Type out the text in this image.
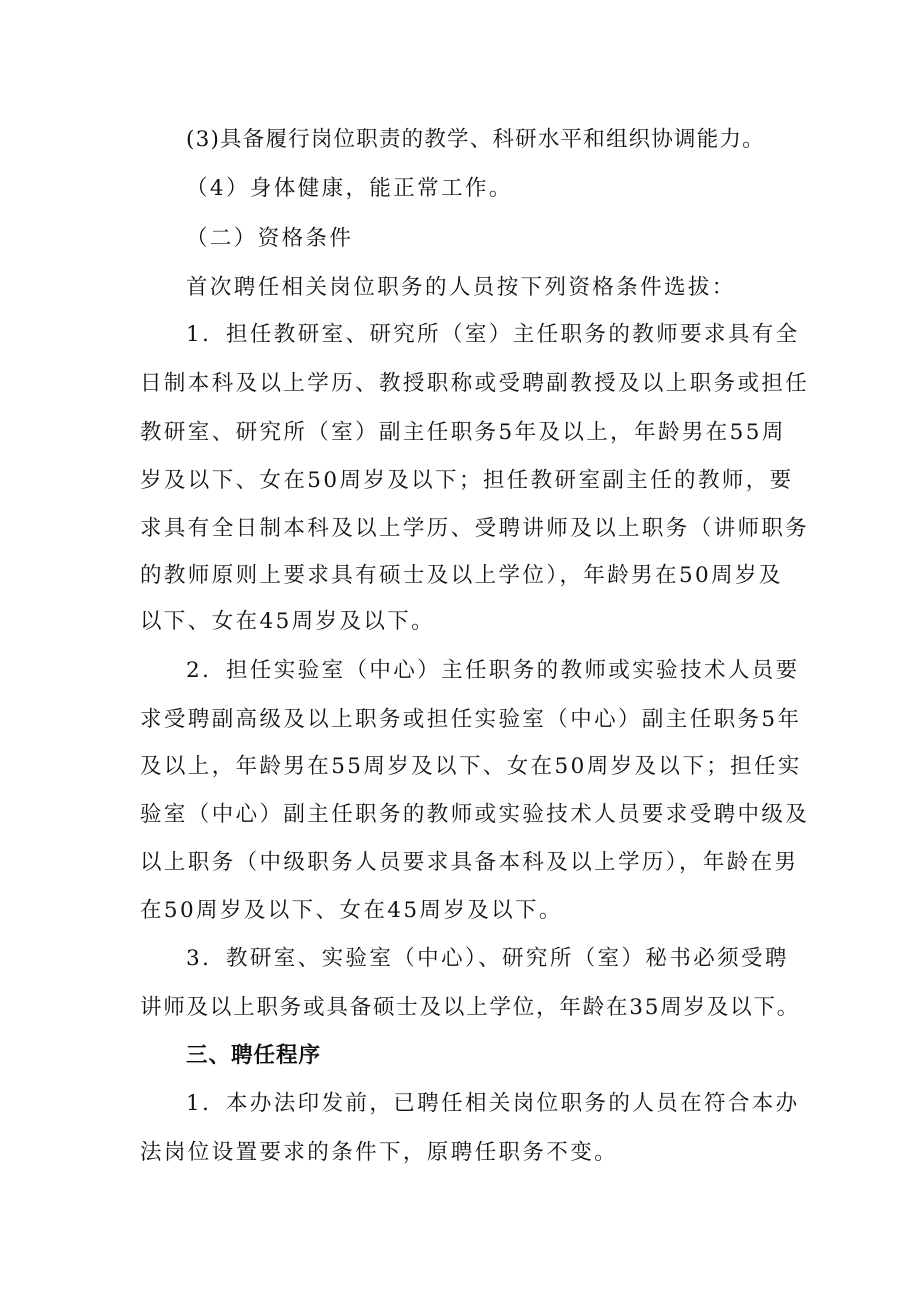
(3)具备履行岗位职责的教学、科研水平和组织协调能力。
（4）身体健康，能正常工作。
（二）资格条件
首次聘任相关岗位职务的人员按下列资格条件选拔：
1．担任教研室、研究所（室）主任职务的教师要求具有全
日制本科及以上学历、教授职称或受聘副教授及以上职务或担任
教研室、研究所（室）副主任职务5年及以上，年龄男在55周
岁及以下、女在50周岁及以下；担任教研室副主任的教师，要
求具有全日制本科及以上学历、受聘讲师及以上职务（讲师职务
的教师原则上要求具有硕士及以上学位），年龄男在50周岁及
以下、女在45周岁及以下。
2．担任实验室（中心）主任职务的教师或实验技术人员要
求受聘副高级及以上职务或担任实验室（中心）副主任职务5年
及以上，年龄男在55周岁及以下、女在50周岁及以下；担任实
验室（中心）副主任职务的教师或实验技术人员要求受聘中级及
以上职务（中级职务人员要求具备本科及以上学历），年龄在男
在50周岁及以下、女在45周岁及以下。
3．教研室、实验室（中心）、研究所（室）秘书必须受聘
讲师及以上职务或具备硕士及以上学位，年龄在35周岁及以下。
三、聘任程序
1．本办法印发前，已聘任相关岗位职务的人员在符合本办
法岗位设置要求的条件下，原聘任职务不变。
